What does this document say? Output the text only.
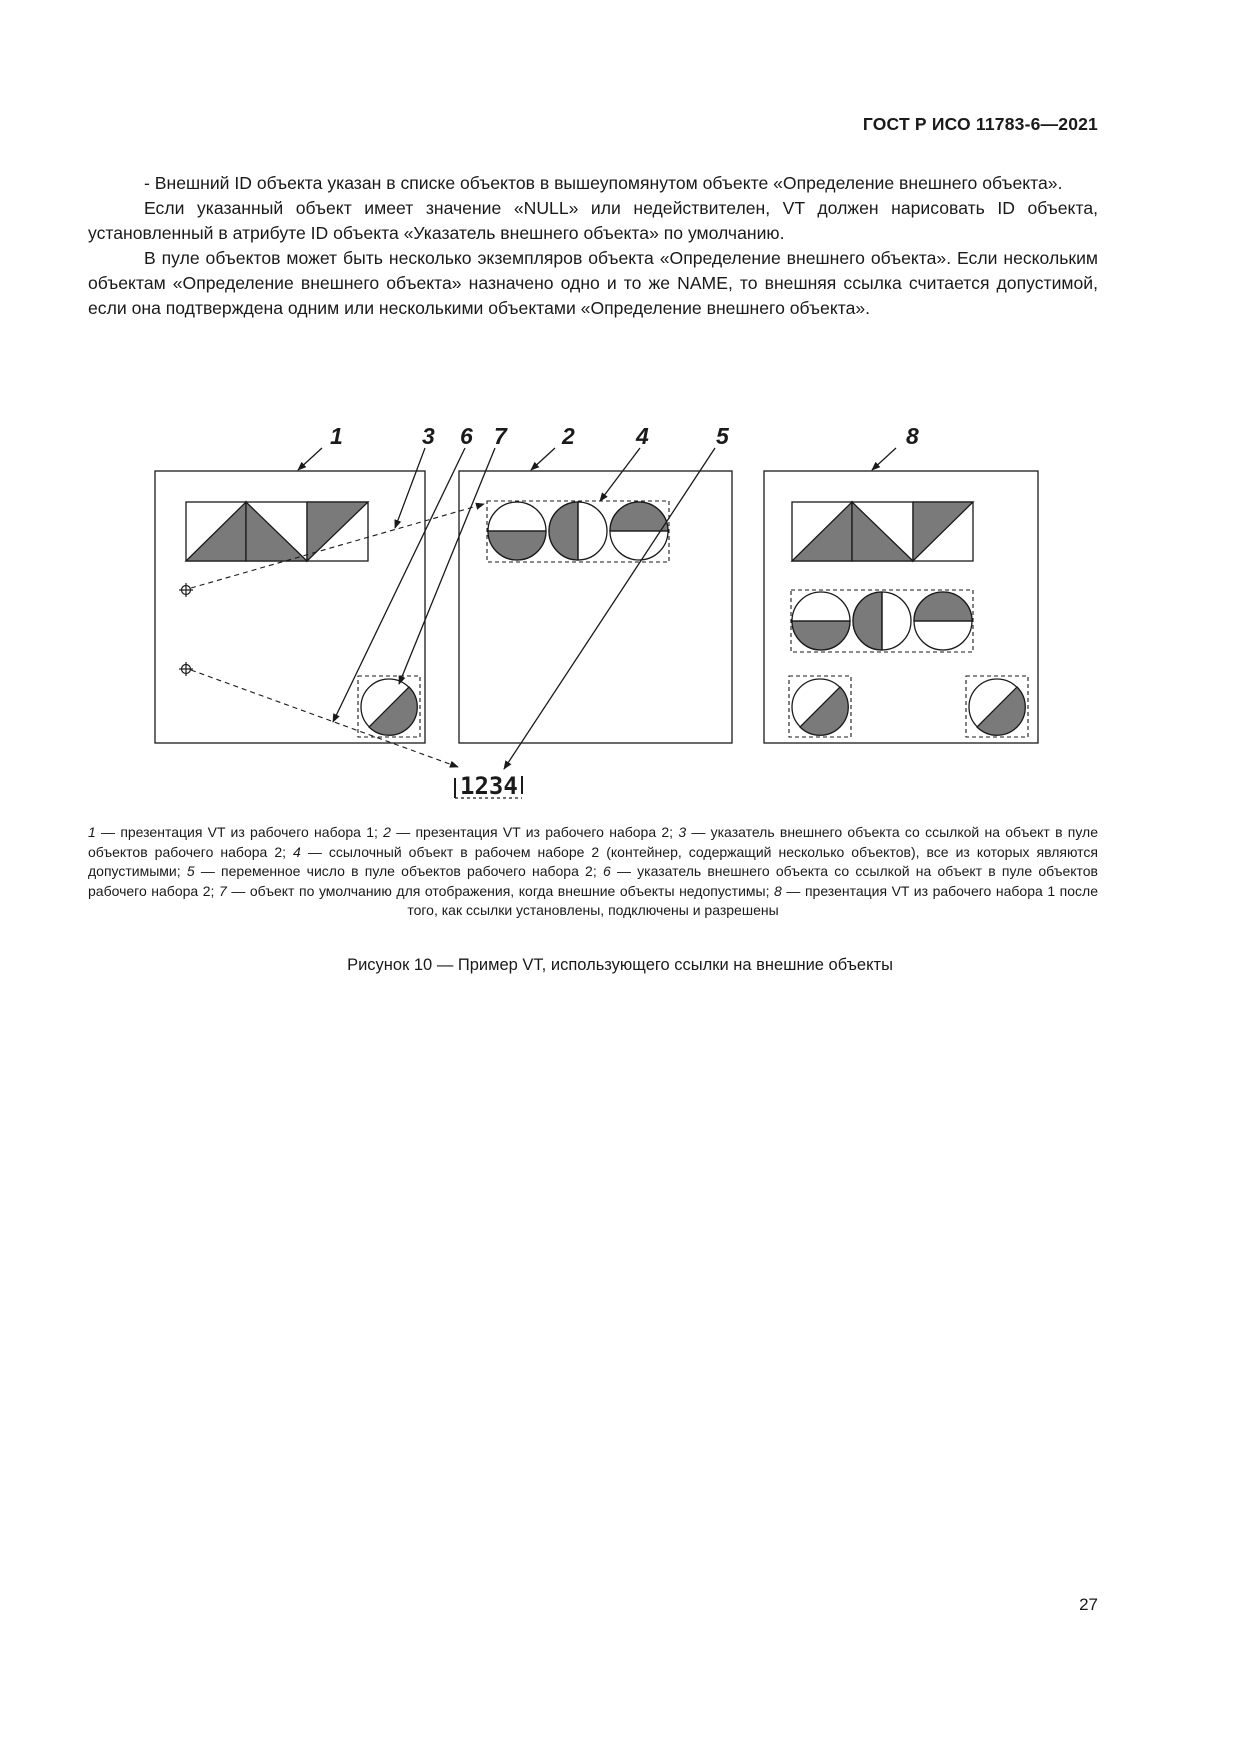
ГОСТ Р ИСО 11783-6—2021

- Внешний ID объекта указан в списке объектов в вышеупомянутом объекте «Определение внешнего объекта».

Если указанный объект имеет значение «NULL» или недействителен, VT должен нарисовать ID объекта, установленный в атрибуте ID объекта «Указатель внешнего объекта» по умолчанию.

В пуле объектов может быть несколько экземпляров объекта «Определение внешнего объекта». Если нескольким объектам «Определение внешнего объекта» назначено одно и то же NAME, то внешняя ссылка считается допустимой, если она подтверждена одним или несколькими объектами «Определение внешнего объекта».

1	3 6 7 2	4	5	8
1234
1 — презентация VT из рабочего набора 1; 2 — презентация VT из рабочего набора 2; 3 — указатель внешнего объекта со ссылкой на объект в пуле объектов рабочего набора 2; 4 — ссылочный объект в рабочем наборе 2 (контейнер, содержащий несколько объектов), все из которых являются допустимыми; 5 — переменное число в пуле объектов рабочего набора 2; 6 — указатель внешнего объекта со ссылкой на объект в пуле объектов рабочего набора 2; 7 — объект по умолчанию для отображения, когда внешние объекты недопустимы; 8 — презентация VT из рабочего набора 1 после того, как ссылки установлены, подключены и разрешены
Рисунок 10 — Пример VT, использующего ссылки на внешние объекты
27
